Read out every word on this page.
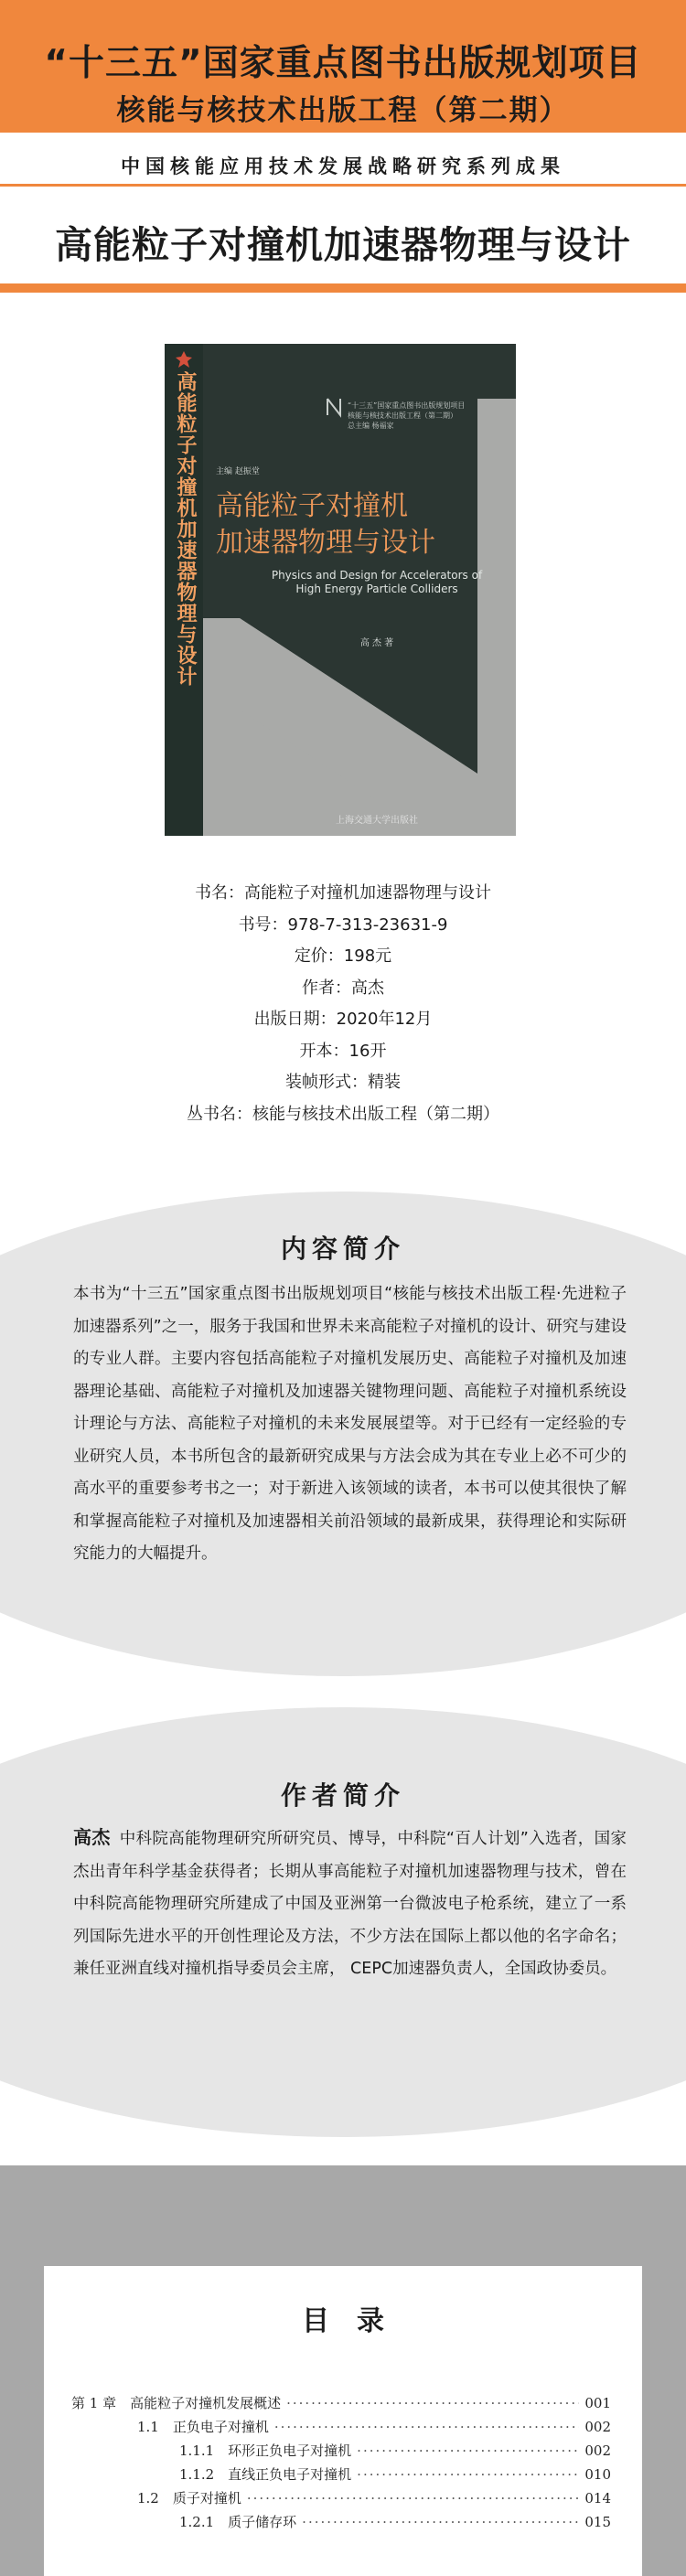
“十三五”国家重点图书出版规划项目
核能与核技术出版工程（第二期）
中国核能应用技术发展战略研究系列成果
高能粒子对撞机加速器物理与设计
高能粒子对撞机加速器物理与设计	“十三五”国家重点图书出版规划项目
核能与核技术出版工程（第二期）
总主编 杨福家
主编 赵振堂
高能粒子对撞机
加速器物理与设计
Physics and Design for Accelerators of High Energy Particle Colliders
高 杰 著
上海交通大学出版社
书名：高能粒子对撞机加速器物理与设计
书号：978-7-313-23631-9
定价：198元
作者：高杰
出版日期：2020年12月
开本：16开
装帧形式：精装
丛书名：核能与核技术出版工程（第二期）
内容简介
本书为“十三五”国家重点图书出版规划项目“核能与核技术出版工程·先进粒子加速器系列”之一，服务于我国和世界未来高能粒子对撞机的设计、研究与建设的专业人群。主要内容包括高能粒子对撞机发展历史、高能粒子对撞机及加速器理论基础、高能粒子对撞机及加速器关键物理问题、高能粒子对撞机系统设计理论与方法、高能粒子对撞机的未来发展展望等。对于已经有一定经验的专业研究人员，本书所包含的最新研究成果与方法会成为其在专业上必不可少的高水平的重要参考书之一；对于新进入该领域的读者，本书可以使其很快了解和掌握高能粒子对撞机及加速器相关前沿领域的最新成果，获得理论和实际研究能力的大幅提升。
作者简介
高杰 中科院高能物理研究所研究员、博导，中科院“百人计划”入选者，国家杰出青年科学基金获得者；长期从事高能粒子对撞机加速器物理与技术，曾在中科院高能物理研究所建成了中国及亚洲第一台微波电子枪系统，建立了一系列国际先进水平的开创性理论及方法，不少方法在国际上都以他的名字命名；兼任亚洲直线对撞机指导委员会主席， CEPC加速器负责人，全国政协委员。
目录
第 1 章　高能粒子对撞机发展概述 ·····	001
1.1　正负电子对撞机 ·····	002
1.1.1　环形正负电子对撞机 ·····	002
1.1.2　直线正负电子对撞机 ·····	010
1.2　质子对撞机 ·····	014
1.2.1　质子储存环 ·····	015
